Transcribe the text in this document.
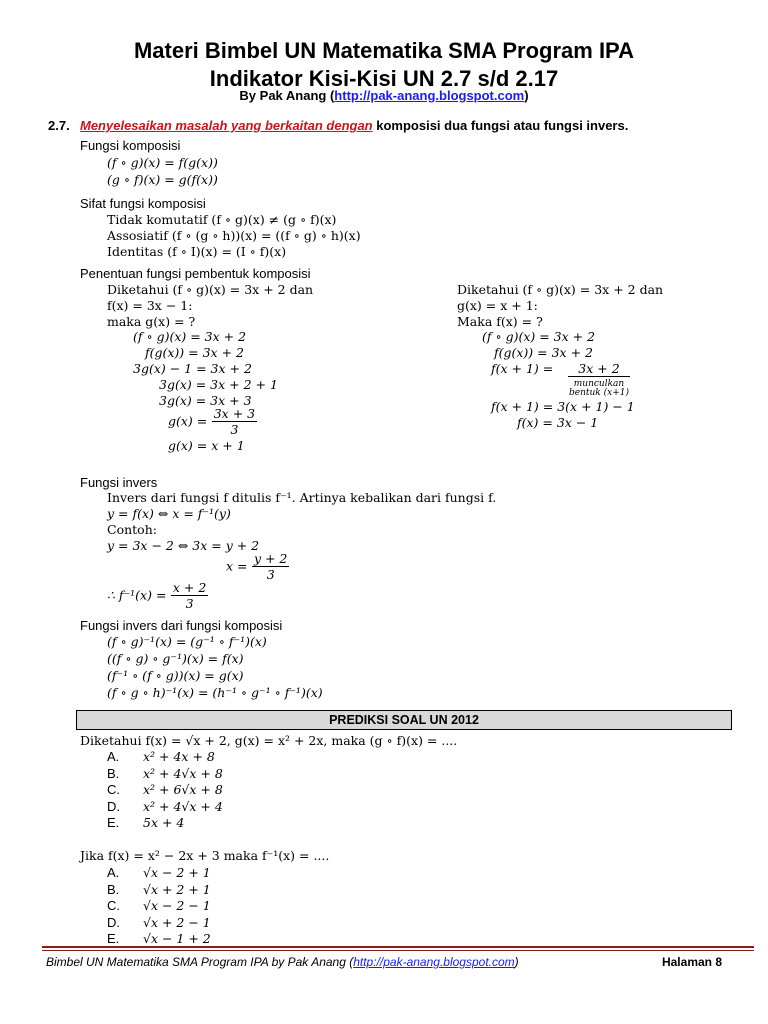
Materi Bimbel UN Matematika SMA Program IPA
Indikator Kisi-Kisi UN 2.7 s/d 2.17
By Pak Anang (http://pak-anang.blogspot.com)
2.7. Menyelesaikan masalah yang berkaitan dengan komposisi dua fungsi atau fungsi invers.
Fungsi komposisi
(f ∘ g)(x) = f(g(x))
(g ∘ f)(x) = g(f(x))
Sifat fungsi komposisi
Tidak komutatif (f ∘ g)(x) ≠ (g ∘ f)(x)
Assosiatif (f ∘ (g ∘ h))(x) = ((f ∘ g) ∘ h)(x)
Identitas (f ∘ I)(x) = (I ∘ f)(x)
Penentuan fungsi pembentuk komposisi
Diketahui (f ∘ g)(x) = 3x + 2 dan
f(x) = 3x − 1:
maka g(x) = ?
(f ∘ g)(x) = 3x + 2
f(g(x)) = 3x + 2
3g(x) − 1 = 3x + 2
3g(x) = 3x + 2 + 1
3g(x) = 3x + 3
$g(x) = \frac{3x + 3}{3}$
g(x) = x + 1
Diketahui (f ∘ g)(x) = 3x + 2 dan
g(x) = x + 1:
Maka f(x) = ?
(f ∘ g)(x) = 3x + 2
f(g(x)) = 3x + 2
f(x + 1) =	3x + 2
munculkan
bentuk (x+1)
f(x + 1) = 3(x + 1) − 1
f(x) = 3x − 1
Fungsi invers
Invers dari fungsi f ditulis f⁻¹. Artinya kebalikan dari fungsi f.
y = f(x) ⇔ x = f⁻¹(y)
Contoh:
y = 3x − 2 ⇔ 3x = y + 2
$x = \frac{y + 2}{3}$
∴ $f^{-1}(x) = \frac{x + 2}{3}$
Fungsi invers dari fungsi komposisi
(f ∘ g)⁻¹(x) = (g⁻¹ ∘ f⁻¹)(x)
((f ∘ g) ∘ g⁻¹)(x) = f(x)
(f⁻¹ ∘ (f ∘ g))(x) = g(x)
(f ∘ g ∘ h)⁻¹(x) = (h⁻¹ ∘ g⁻¹ ∘ f⁻¹)(x)
PREDIKSI SOAL UN 2012
Diketahui f(x) = √x + 2, g(x) = x² + 2x, maka (g ∘ f)(x) = ....
A. x² + 4x + 8
B. x² + 4√x + 8
C. x² + 6√x + 8
D. x² + 4√x + 4
E. 5x + 4
Jika f(x) = x² − 2x + 3 maka f⁻¹(x) = ....
A. √x − 2 + 1
B. √x + 2 + 1
C. √x − 2 − 1
D. √x + 2 − 1
E. √x − 1 + 2
Bimbel UN Matematika SMA Program IPA by Pak Anang (http://pak-anang.blogspot.com)	Halaman 8
